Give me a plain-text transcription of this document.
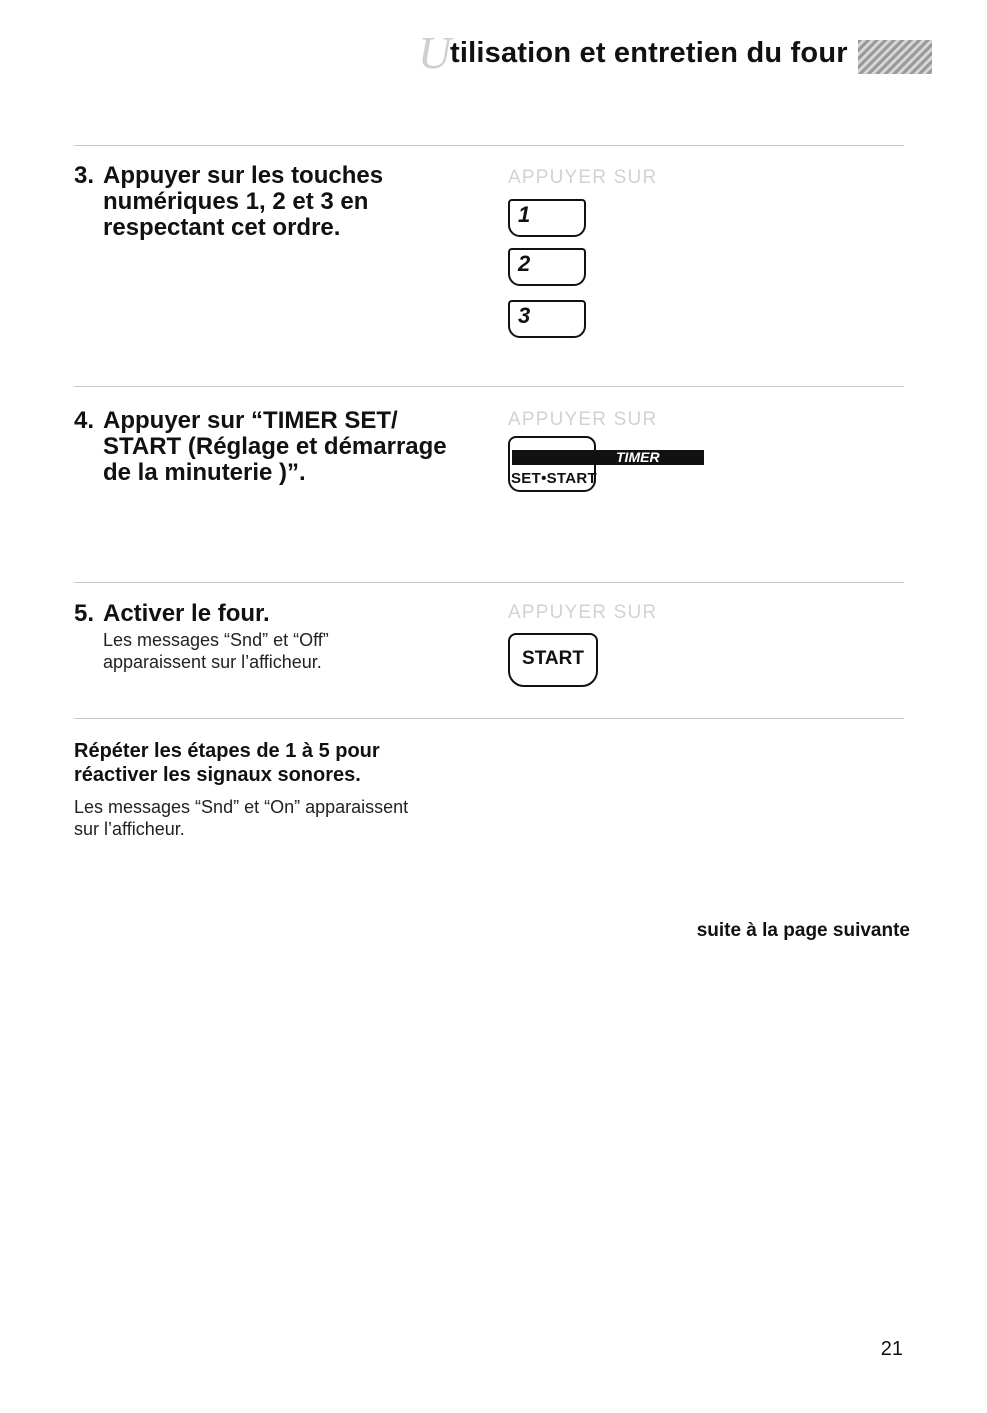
U
tilisation et entretien du four
3. Appuyer sur les touches
numériques 1, 2 et 3 en
respectant cet ordre.
APPUYER SUR
1
2
3
4. Appuyer sur “TIMER SET/
START (Réglage et démarrage
de la minuterie )”.
APPUYER SUR
TIMER
SET•START
5. Activer le four.
Les messages “Snd” et “Off”
apparaissent sur l’afficheur.
APPUYER SUR
START
Répéter les étapes de 1 à 5 pour
réactiver les signaux sonores.
Les messages “Snd” et “On” apparaissent
sur l’afficheur.
suite à la page suivante
21
